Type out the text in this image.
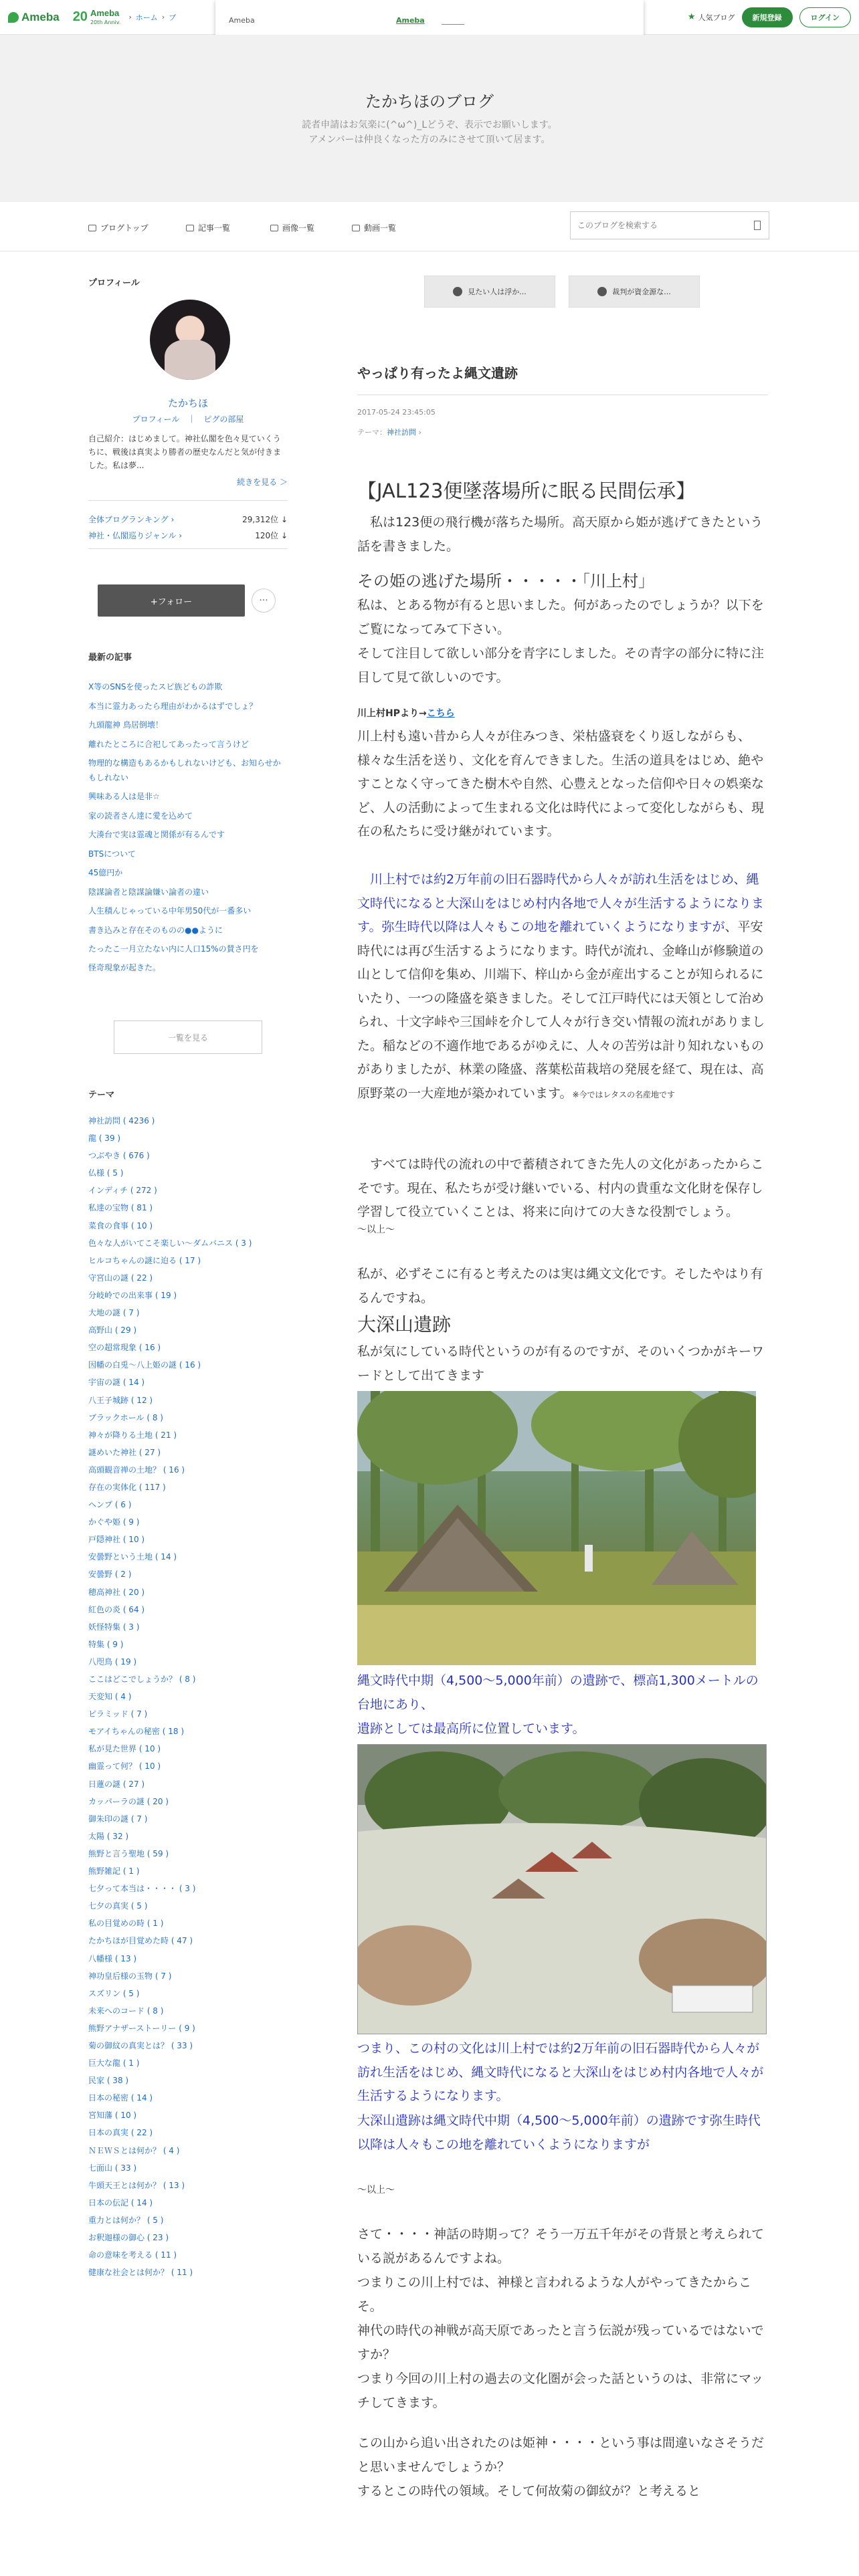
Ameba 20 Ameba
20th Anniv.
› ホーム › ブ	★ 人気ブログ	新規登録	ログイン
Ameba	Ameba
たかちほのブログ
読者申請はお気楽に(^ω^)_Lどうぞ、表示でお願いします。
アメンバーは仲良くなった方のみにさせて頂いて居ます。
ブログトップ	記事一覧	画像一覧	動画一覧
このブログを検索する
プロフィール
たかちほ
プロフィール　｜　ピグの部屋
自己紹介：はじめまして。神社仏閣を色々見ていくうちに、戦後は真実より勝者の歴史なんだと気が付きました。私は夢...
続きを見る ＞
全体ブログランキング ›	29,312位 ↓
神社・仏閣巡りジャンル ›	120位 ↓
+フォロー	···
最新の記事
X等のSNSを使ったスピ族どもの詐欺
本当に霊力あったら理由がわかるはずでしょ？
九頭龍神 鳥居倒壊！
離れたところに合祀してあったって言うけど
物理的な構造もあるかもしれないけども、お知らせかもしれない
興味ある人は是非☆
家の読者さん達に愛を込めて
大湊台で実は霊魂と関係が有るんです
BTSについて
45億円か
陰謀論者と陰謀論嫌い論者の違い
人生積んじゃっている中年男50代が一番多い
書き込みと存在そのものの●●ように
たったこ一月立たない内に人口15%の賛さ円を
怪奇現象が起きた。
一覧を見る
テーマ
神社訪問 ( 4236 )
龍 ( 39 )
つぶやき ( 676 )
仏様 ( 5 )
インディチ ( 272 )
私達の宝物 ( 81 )
菜食の食事 ( 10 )
色々な人がいてこそ楽しい〜ダムバニス ( 3 )
ヒルコちゃんの謎に迫る ( 17 )
守宮山の謎 ( 22 )
分岐岭での出来事 ( 19 )
大地の謎 ( 7 )
高野山 ( 29 )
空の超常現象 ( 16 )
因幡の白兎〜八上姫の謎 ( 16 )
宇宙の謎 ( 14 )
八王子城跡 ( 12 )
ブラックホール ( 8 )
神々が降りる土地 ( 21 )
謎めいた神社 ( 27 )
高頭観音禅の土地？ ( 16 )
存在の実体化 ( 117 )
ヘンプ ( 6 )
かぐや姫 ( 9 )
戸隠神社 ( 10 )
安曇野という土地 ( 14 )
安曇野 ( 2 )
穂高神社 ( 20 )
紅色の炎 ( 64 )
妖怪特集 ( 3 )
特集 ( 9 )
八咫鳥 ( 19 )
ここはどこでしょうか？ ( 8 )
天変知 ( 4 )
ピラミッド ( 7 )
モアイちゃんの秘密 ( 18 )
私が見た世界 ( 10 )
幽霊って何？ ( 10 )
日蓮の謎 ( 27 )
カッパーラの謎 ( 20 )
御朱印の謎 ( 7 )
太陽 ( 32 )
熊野と言う聖地 ( 59 )
熊野雑記 ( 1 )
七夕って本当は・・・・ ( 3 )
七夕の真実 ( 5 )
私の目覚めの時 ( 1 )
たかちほが目覚めた時 ( 47 )
八幡様 ( 13 )
神功皇后様の玉物 ( 7 )
スズリン ( 5 )
未来へのコード ( 8 )
熊野アナザーストーリー ( 9 )
菊の御紋の真実とは？ ( 33 )
巨大な龍 ( 1 )
民家 ( 38 )
日本の秘密 ( 14 )
宮知藩 ( 10 )
日本の真実 ( 22 )
ＮＥＷＳとは何か？ ( 4 )
七面山 ( 33 )
牛頭天王とは何か？ ( 13 )
日本の伝記 ( 14 )
重力とは何か？ ( 5 )
お釈迦様の御心 ( 23 )
命の意味を考える ( 11 )
健康な社会とは何か？ ( 11 )
見たい人は浮か...	裁判が資金源な...
やっぱり有ったよ縄文遺跡
2017-05-24 23:45:05
テーマ：神社訪問 ›
【JAL123便墜落場所に眠る民間伝承】
　私は123便の飛行機が落ちた場所。高天原から姫が逃げてきたという話を書きました。
その姫の逃げた場所・・・・・「川上村」
私は、とある物が有ると思いました。何があったのでしょうか？以下をご覧になってみて下さい。
そして注目して欲しい部分を青字にしました。その青字の部分に特に注目して見て欲しいのです。
川上村HPより→こちら
川上村も遠い昔から人々が住みつき、栄枯盛衰をくり返しながらも、様々な生活を送り、文化を育んできました。生活の道具をはじめ、絶やすことなく守ってきた樹木や自然、心豊えとなった信仰や日々の娯楽など、人の活動によって生まれる文化は時代によって変化しながらも、現在の私たちに受け継がれています。
　川上村では約2万年前の旧石器時代から人々が訪れ生活をはじめ、縄文時代になると大深山をはじめ村内各地で人々が生活するようになります。弥生時代以降は人々もこの地を離れていくようになりますが、平安時代には再び生活するようになります。時代が流れ、金峰山が修験道の山として信仰を集め、川端下、梓山から金が産出することが知られるにいたり、一つの隆盛を築きました。そして江戸時代には天領として治められ、十文字峠や三国峠を介して人々が行き交い情報の流れがありました。稲などの不適作地であるがゆえに、人々の苦労は計り知れないものがありましたが、林業の隆盛、落葉松苗栽培の発展を経て、現在は、高原野菜の一大産地が築かれています。※今ではレタスの名産地です
　すべては時代の流れの中で蓄積されてきた先人の文化があったからこそです。現在、私たちが受け継いでいる、村内の貴重な文化財を保存し学習して役立ていくことは、将来に向けての大きな役割でしょう。
〜以上〜
私が、必ずそこに有ると考えたのは実は縄文文化です。そしたやはり有るんですね。
大深山遺跡
私が気にしている時代というのが有るのですが、そのいくつかがキーワードとして出てきます
縄文時代中期（4,500〜5,000年前）の遺跡で、標高1,300メートルの台地にあり、
遺跡としては最高所に位置しています。
つまり、この村の文化は川上村では約2万年前の旧石器時代から人々が訪れ生活をはじめ、縄文時代になると大深山をはじめ村内各地で人々が生活するようになります。
大深山遺跡は縄文時代中期（4,500〜5,000年前）の遺跡です弥生時代以降は人々もこの地を離れていくようになりますが
〜以上〜
さて・・・・神話の時期って？そう一万五千年がその背景と考えられている説があるんですよね。
つまりこの川上村では、神様と言われるような人がやってきたからこそ。
神代の時代の神戦が高天原であったと言う伝説が残っているではないですか？
つまり今回の川上村の過去の文化圏が会った話というのは、非常にマッチしてきます。
この山から追い出されたのは姫神・・・・という事は間違いなさそうだと思いませんでしょうか？
するとこの時代の領域。そして何故菊の御紋が？と考えると
